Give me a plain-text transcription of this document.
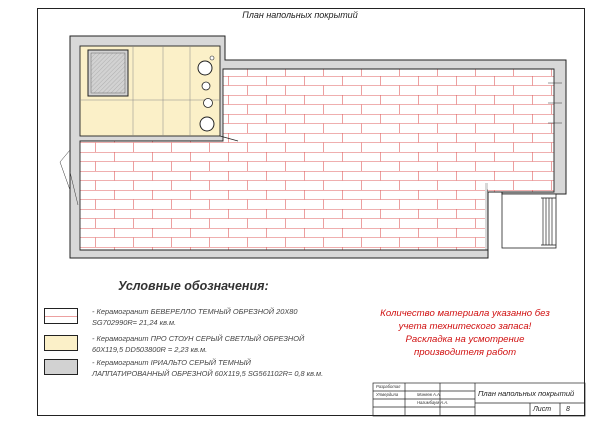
План напольных покрытий
Условные обозначения:
- Керамогранит БЕВЕРЕЛЛО ТЕМНЫЙ ОБРЕЗНОЙ 20Х80
SG702990R= 21,24 кв.м.
- Керамогранит ПРО СТОУН СЕРЫЙ СВЕТЛЫЙ ОБРЕЗНОЙ
60Х119,5 DD503800R = 2,23 кв.м.
- Керамогранит ІРИАЛЬТО СЕРЫЙ ТЕМНЫЙ
ЛАППАТИРОВАННЫЙ ОБРЕЗНОЙ 60Х119,5 SG561102R= 0,8 кв.м.
Количество материала указанно без
учета технитеского запаса!
Раскладка на усмотрение
производителя работ
Разработал
Миняев А.А.
Утвердила
Нагимбаум А.А.
План напольных покрытий
Лист 8
